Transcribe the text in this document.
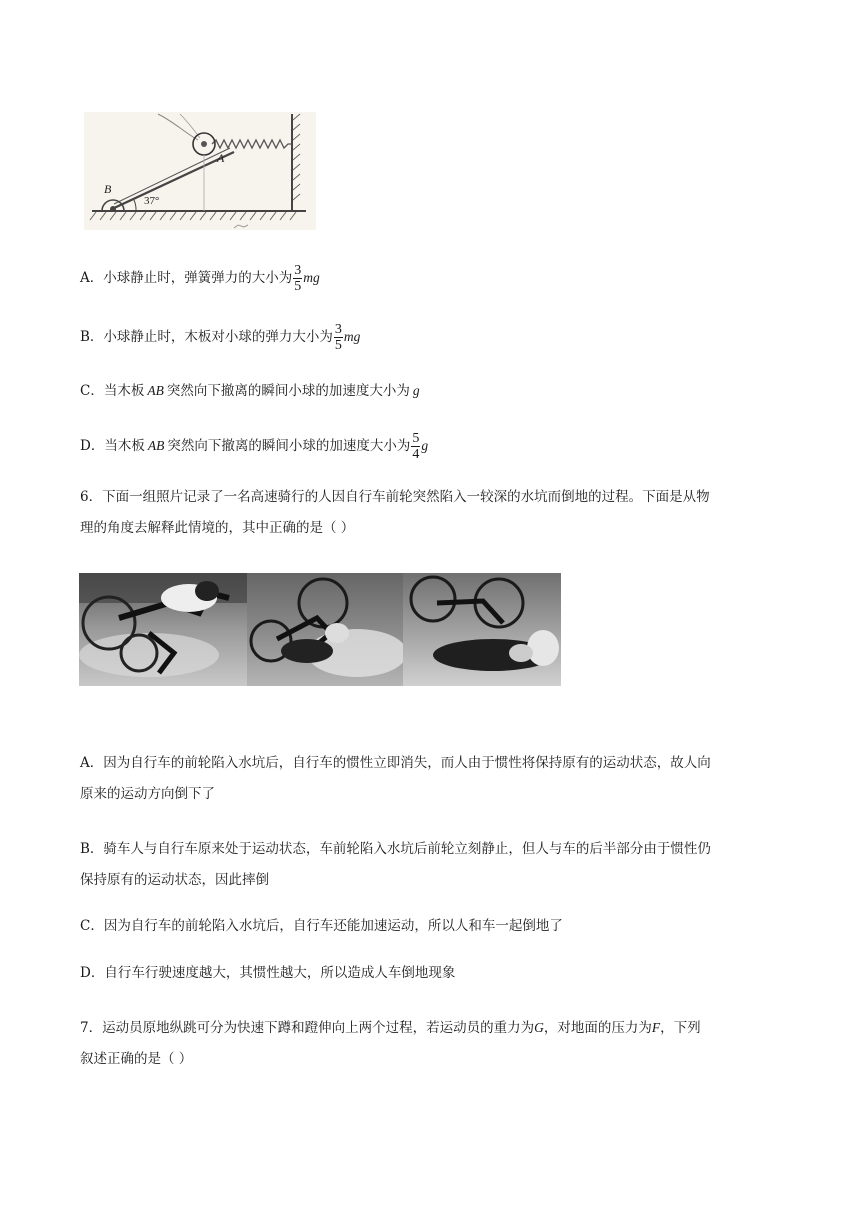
A
B
37°
A．小球静止时，弹簧弹力的大小为 $\frac{3}{5}$ mg
B．小球静止时，木板对小球的弹力大小为 $\frac{3}{5}$ mg
C．当木板 AB 突然向下撤离的瞬间小球的加速度大小为 g
D．当木板 AB 突然向下撤离的瞬间小球的加速度大小为 $\frac{5}{4}$ g
6．下面一组照片记录了一名高速骑行的人因自行车前轮突然陷入一较深的水坑而倒地的过程。下面是从物
理的角度去解释此情境的，其中正确的是（ ）
A．因为自行车的前轮陷入水坑后，自行车的惯性立即消失，而人由于惯性将保持原有的运动状态，故人向
原来的运动方向倒下了
B．骑车人与自行车原来处于运动状态，车前轮陷入水坑后前轮立刻静止，但人与车的后半部分由于惯性仍
保持原有的运动状态，因此摔倒
C．因为自行车的前轮陷入水坑后，自行车还能加速运动，所以人和车一起倒地了
D．自行车行驶速度越大，其惯性越大，所以造成人车倒地现象
7．运动员原地纵跳可分为快速下蹲和蹬伸向上两个过程，若运动员的重力为G，对地面的压力为F，下列
叙述正确的是（ ）
